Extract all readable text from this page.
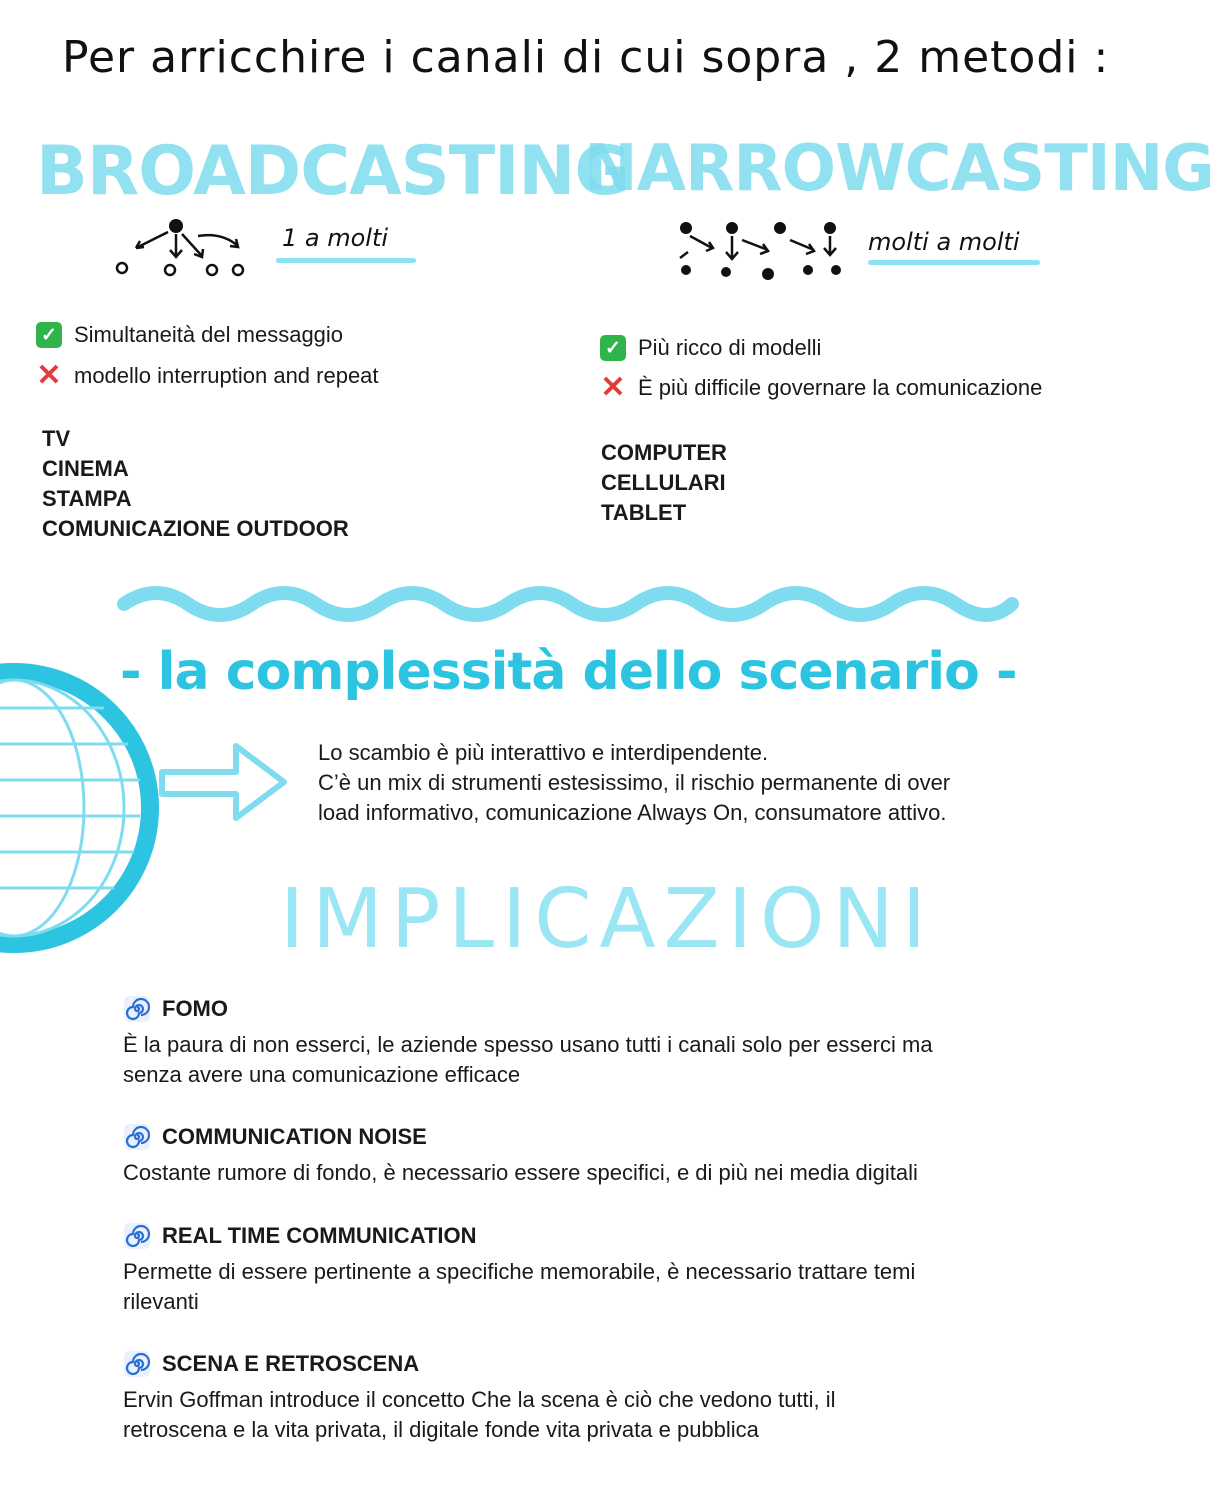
Per arricchire i canali di cui sopra , 2 metodi :
BROADCASTING
1 a molti
✓ Simultaneità del messaggio
✕ modello interruption and repeat
TV
CINEMA
STAMPA
COMUNICAZIONE OUTDOOR
NARROWCASTING
molti a molti
✓ Più ricco di modelli
✕ È più difficile governare la comunicazione
COMPUTER
CELLULARI
TABLET
- la complessità dello scenario -
Lo scambio è più interattivo e interdipendente.
C’è un mix di strumenti estesissimo, il rischio permanente di over
load informativo, comunicazione Always On, consumatore attivo.
IMPLICAZIONI
FOMO
È la paura di non esserci, le aziende spesso usano tutti i canali solo per esserci ma
senza avere una comunicazione efficace
COMMUNICATION NOISE
Costante rumore di fondo, è necessario essere specifici, e di più nei media digitali
REAL TIME COMMUNICATION
Permette di essere pertinente a specifiche memorabile, è necessario trattare temi
rilevanti
SCENA E RETROSCENA
Ervin Goffman introduce il concetto Che la scena è ciò che vedono tutti, il
retroscena e la vita privata, il digitale fonde vita privata e pubblica
